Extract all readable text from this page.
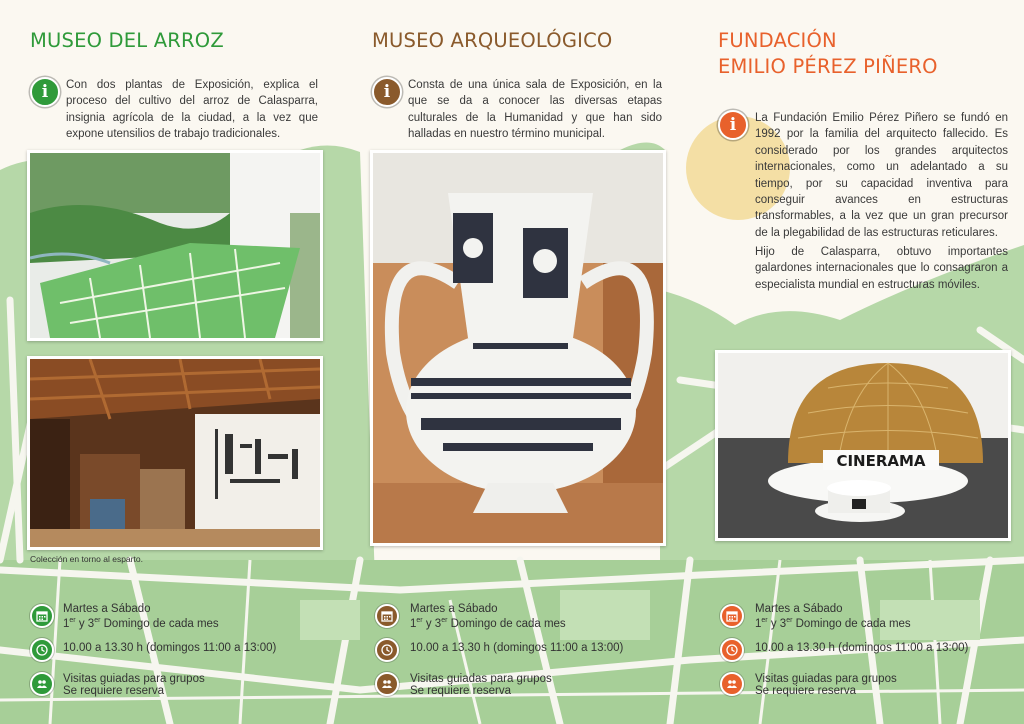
MUSEO DEL ARROZ
i	Con dos plantas de Exposición, explica el proceso del cultivo del arroz de Calasparra, insignia agrícola de la ciudad, a la vez que expone utensilios de trabajo tradicionales.
Colección en torno al esparto.
MUSEO ARQUEOLÓGICO
i	Consta de una única sala de Exposición, en la que se da a conocer las diversas etapas culturales de la Humanidad y que han sido halladas en nuestro término municipal.
FUNDACIÓN
EMILIO PÉREZ PIÑERO
i	La Fundación Emilio Pérez Piñero se fundó en 1992 por la familia del arquitecto fallecido. Es considerado por los grandes arquitectos internacionales, como un adelantado a su tiempo, por su capacidad inventiva para conseguir avances en estructuras transformables, a la vez que un gran precursor de la plegabilidad de las estructuras reticulares.
Hijo de Calasparra, obtuvo importantes galardones internacionales que lo consagraron a especialista mundial en estructuras móviles.
CINERAMA
Martes a Sábado
1er y 3er Domingo de cada mes
10.00 a 13.30 h (domingos 11:00 a 13:00)
Visitas guiadas para grupos
Se requiere reserva
Martes a Sábado
1er y 3er Domingo de cada mes
10.00 a 13.30 h (domingos 11:00 a 13:00)
Visitas guiadas para grupos
Se requiere reserva
Martes a Sábado
1er y 3er Domingo de cada mes
10.00 a 13.30 h (domingos 11:00 a 13:00)
Visitas guiadas para grupos
Se requiere reserva
